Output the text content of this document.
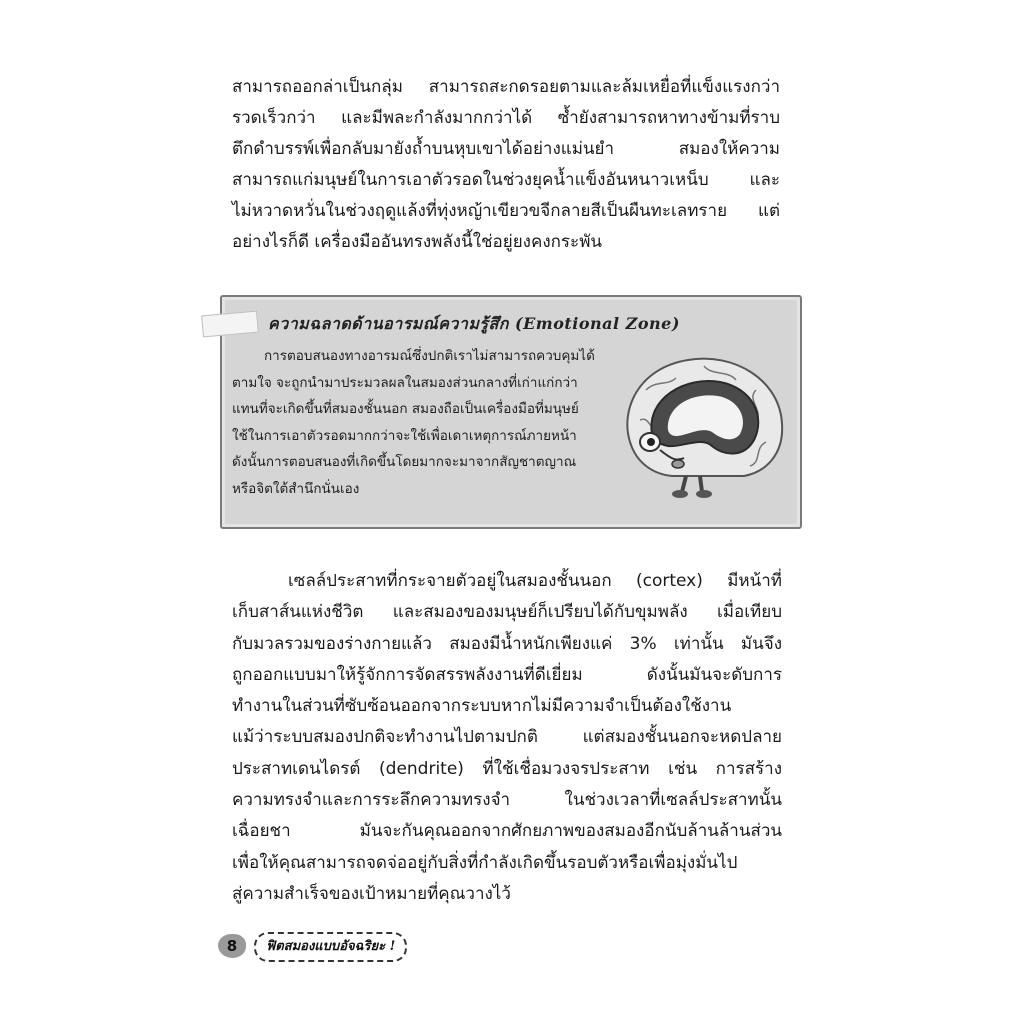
สามารถออกล่าเป็นกลุ่ม สามารถสะกดรอยตามและล้มเหยื่อที่แข็งแรงกว่า
รวดเร็วกว่า และมีพละกำลังมากกว่าได้ ซ้ำยังสามารถหาทางข้ามที่ราบ
ตึกดำบรรพ์เพื่อกลับมายังถ้ำบนหุบเขาได้อย่างแม่นยำ สมองให้ความ
สามารถแก่มนุษย์ในการเอาตัวรอดในช่วงยุคน้ำแข็งอันหนาวเหน็บ และ
ไม่หวาดหวั่นในช่วงฤดูแล้งที่ทุ่งหญ้าเขียวขจีกลายสีเป็นผืนทะเลทราย แต่
อย่างไรก็ดี เครื่องมืออันทรงพลังนี้ใช่อยู่ยงคงกระพัน
ความฉลาดด้านอารมณ์ความรู้สึก (Emotional Zone)
การตอบสนองทางอารมณ์ซึ่งปกติเราไม่สามารถควบคุมได้
ตามใจ จะถูกนำมาประมวลผลในสมองส่วนกลางที่เก่าแก่กว่า
แทนที่จะเกิดขึ้นที่สมองชั้นนอก สมองถือเป็นเครื่องมือที่มนุษย์
ใช้ในการเอาตัวรอดมากกว่าจะใช้เพื่อเดาเหตุการณ์ภายหน้า
ดังนั้นการตอบสนองที่เกิดขึ้นโดยมากจะมาจากสัญชาตญาณ
หรือจิตใต้สำนึกนั่นเอง
เซลล์ประสาทที่กระจายตัวอยู่ในสมองชั้นนอก (cortex) มีหน้าที่
เก็บสาส์นแห่งชีวิต และสมองของมนุษย์ก็เปรียบได้กับขุมพลัง เมื่อเทียบ
กับมวลรวมของร่างกายแล้ว สมองมีน้ำหนักเพียงแค่ 3% เท่านั้น มันจึง
ถูกออกแบบมาให้รู้จักการจัดสรรพลังงานที่ดีเยี่ยม ดังนั้นมันจะดับการ
ทำงานในส่วนที่ซับซ้อนออกจากระบบหากไม่มีความจำเป็นต้องใช้งาน
แม้ว่าระบบสมองปกติจะทำงานไปตามปกติ แต่สมองชั้นนอกจะหดปลาย
ประสาทเดนไดรต์ (dendrite) ที่ใช้เชื่อมวงจรประสาท เช่น การสร้าง
ความทรงจำและการระลึกความทรงจำ ในช่วงเวลาที่เซลล์ประสาทนั้น
เฉื่อยชา มันจะกันคุณออกจากศักยภาพของสมองอีกนับล้านล้านส่วน
เพื่อให้คุณสามารถจดจ่ออยู่กับสิ่งที่กำลังเกิดขึ้นรอบตัวหรือเพื่อมุ่งมั่นไป
สู่ความสำเร็จของเป้าหมายที่คุณวางไว้
8	ฟิตสมองแบบอัจฉริยะ !
